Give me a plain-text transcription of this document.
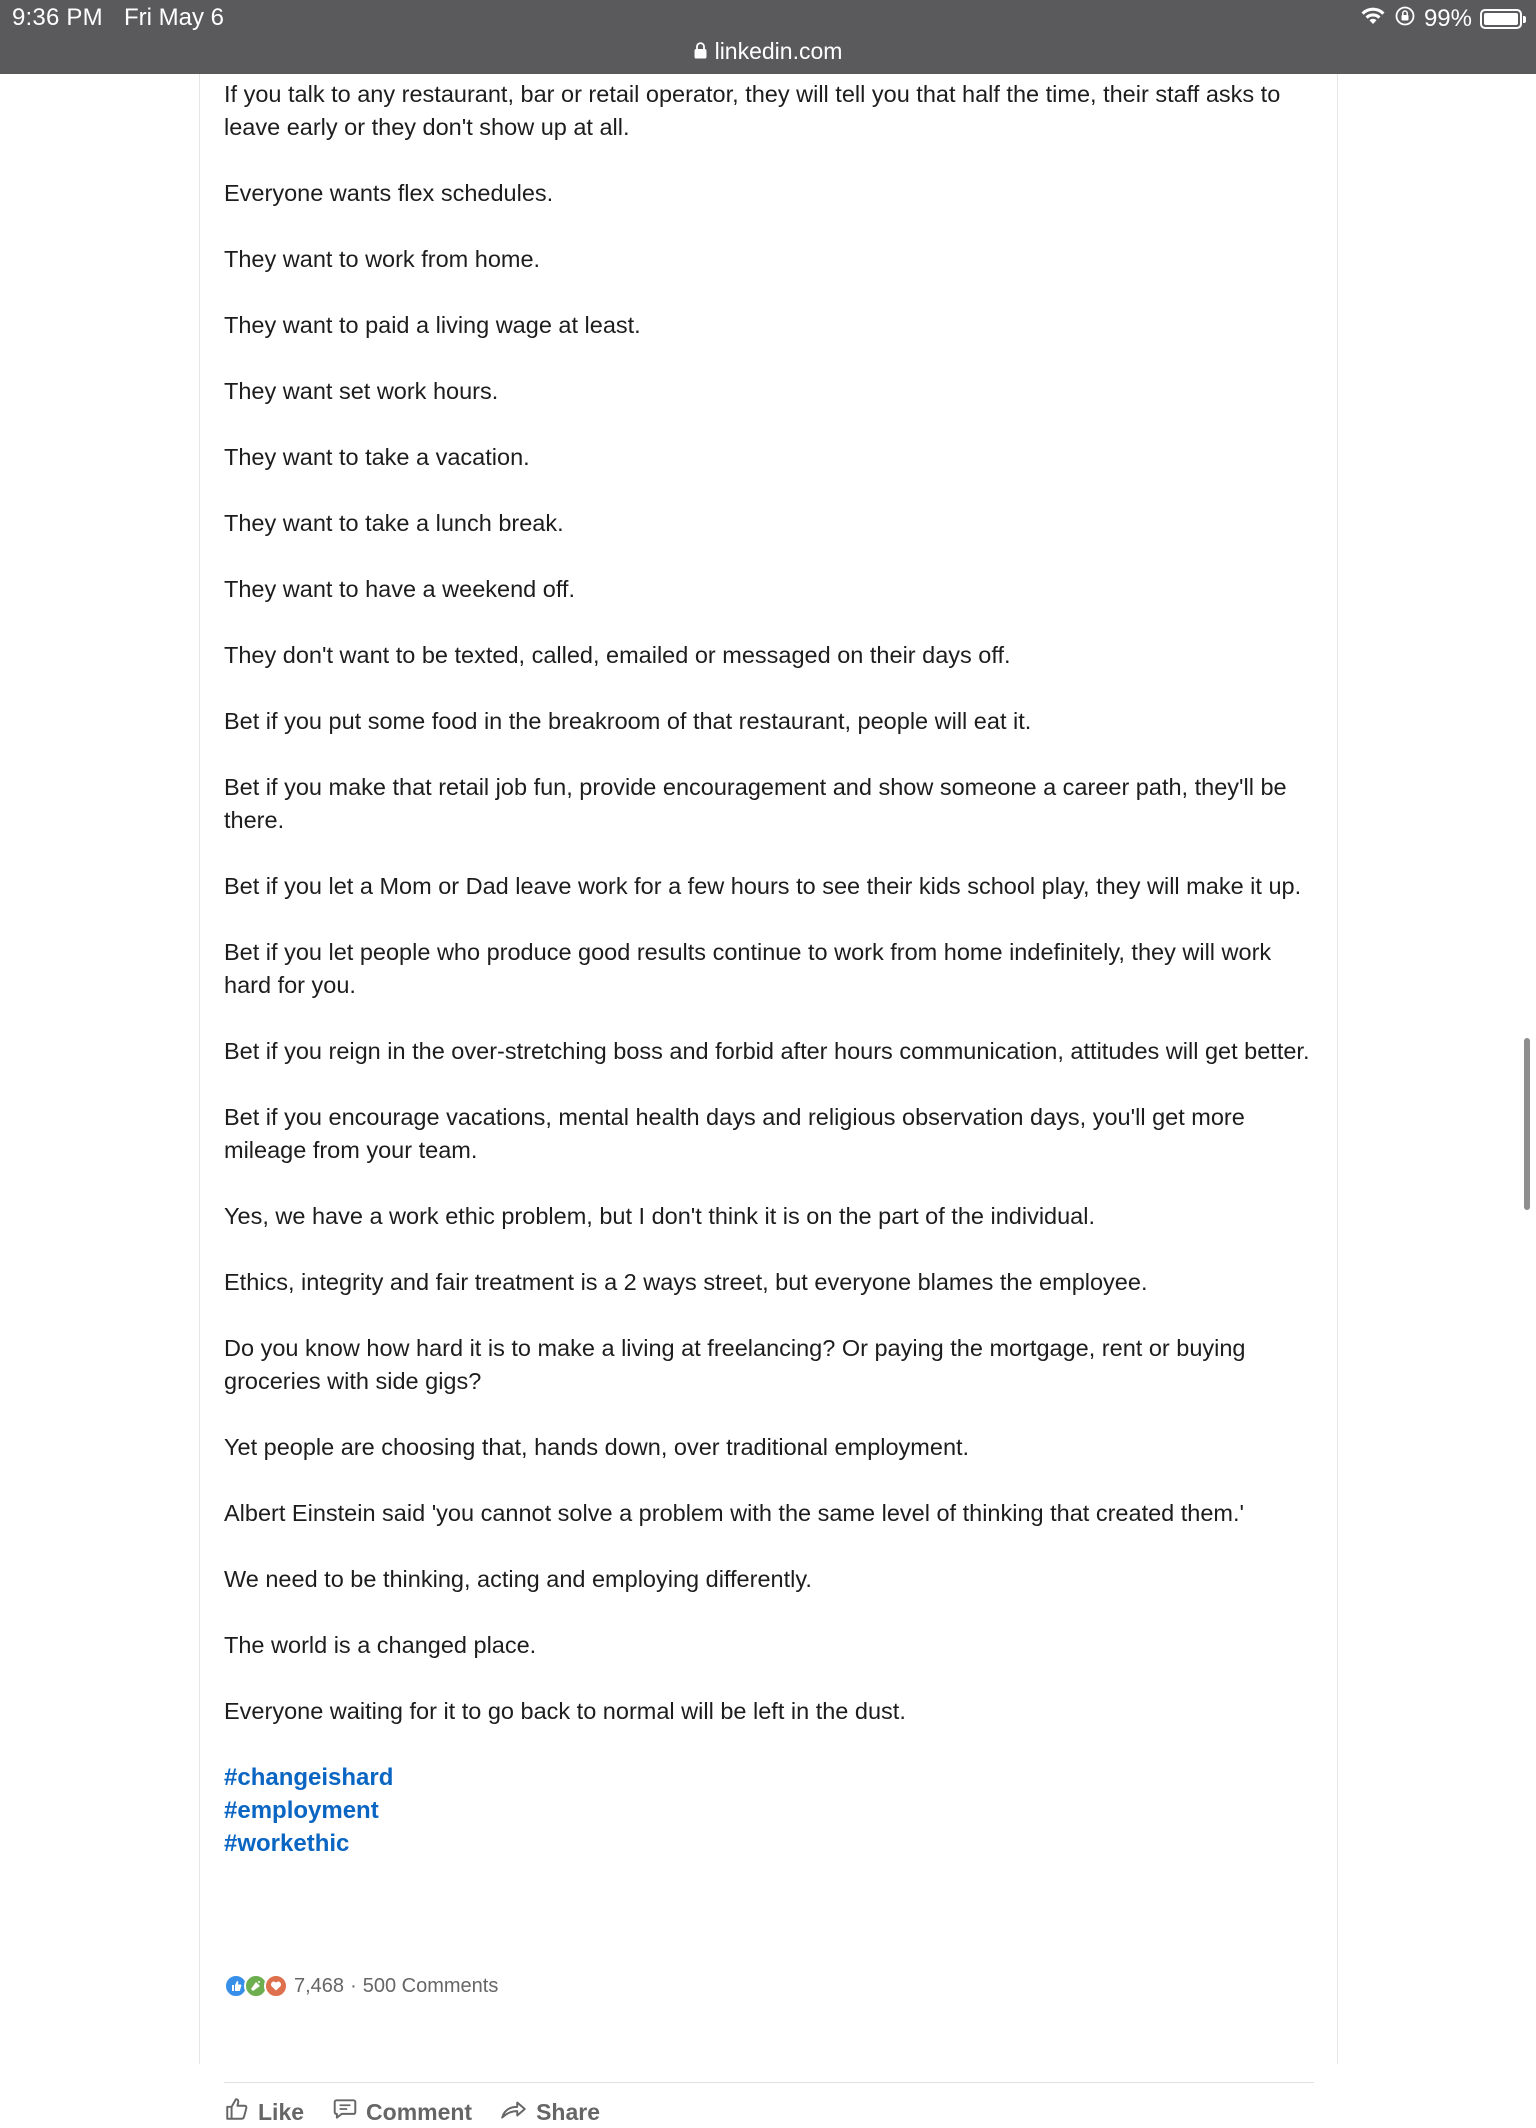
9:36 PM Fri May 6	99%
linkedin.com

If you talk to any restaurant, bar or retail operator, they will tell you that half the time, their staff asks to leave early or they don't show up at all.

Everyone wants flex schedules.

They want to work from home.

They want to paid a living wage at least.

They want set work hours.

They want to take a vacation.

They want to take a lunch break.

They want to have a weekend off.

They don't want to be texted, called, emailed or messaged on their days off.

Bet if you put some food in the breakroom of that restaurant, people will eat it.

Bet if you make that retail job fun, provide encouragement and show someone a career path, they'll be there.

Bet if you let a Mom or Dad leave work for a few hours to see their kids school play, they will make it up.

Bet if you let people who produce good results continue to work from home indefinitely, they will work hard for you.

Bet if you reign in the over-stretching boss and forbid after hours communication, attitudes will get better.

Bet if you encourage vacations, mental health days and religious observation days, you'll get more mileage from your team.

Yes, we have a work ethic problem, but I don't think it is on the part of the individual.

Ethics, integrity and fair treatment is a 2 ways street, but everyone blames the employee.

Do you know how hard it is to make a living at freelancing? Or paying the mortgage, rent or buying groceries with side gigs?

Yet people are choosing that, hands down, over traditional employment.

Albert Einstein said 'you cannot solve a problem with the same level of thinking that created them.'

We need to be thinking, acting and employing differently.

The world is a changed place.

Everyone waiting for it to go back to normal will be left in the dust.

#changeishard
#employment
#workethic
7,468 · 500 Comments
Like	Comment	Share
